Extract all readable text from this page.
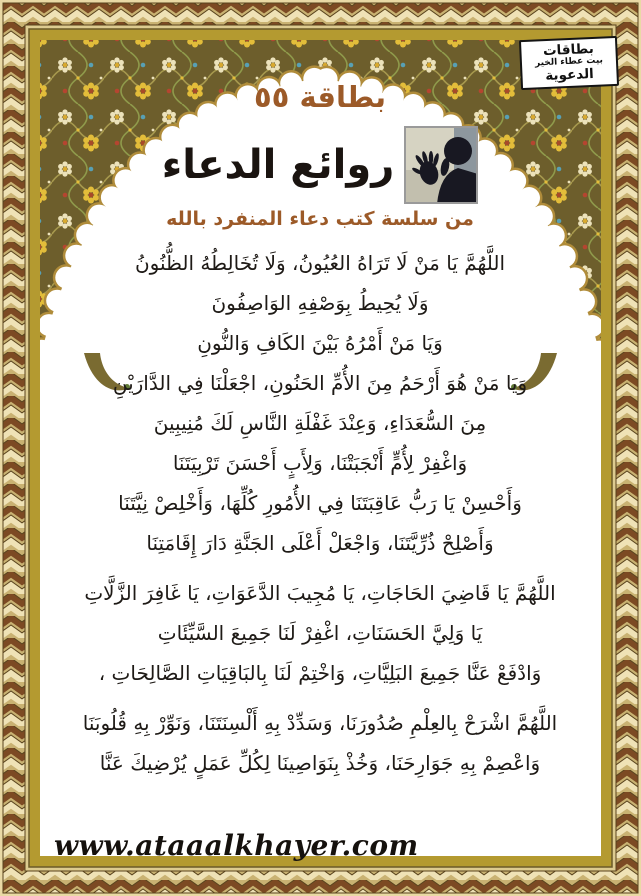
بطاقات
بيت عطاء الخير
الدعوية
بطاقة ٥٥
روائع الدعاء
من سلسة كتب دعاء المنفرد بالله

اللَّهُمَّ يَا مَنْ لَا تَرَاهُ العُيُونُ، وَلَا تُخَالِطُهُ الظُّنُونُ
وَلَا يُحِيطُ بِوَصْفِهِ الوَاصِفُونَ
وَيَا مَنْ أَمْرُهُ بَيْنَ الكَافِ وَالنُّونِ
وَيَا مَنْ هُوَ أَرْحَمُ مِنَ الأُمِّ الحَنُونِ، اجْعَلْنَا فِي الدَّارَيْنِ
مِنَ السُّعَدَاءِ، وَعِنْدَ غَفْلَةِ النَّاسِ لَكَ مُنِيبِينَ
وَاغْفِرْ لِأُمٍّ أَنْجَبَتْنَا، وَلِأَبٍ أَحْسَنَ تَرْبِيَتَنَا
وَأَحْسِنْ يَا رَبُّ عَاقِبَتَنَا فِي الأُمُورِ كُلِّهَا، وَأَخْلِصْ نِيَّتَنَا
وَأَصْلِحْ ذُرِّيَّتَنَا، وَاجْعَلْ أَعْلَى الجَنَّةِ دَارَ إِقَامَتِنَا

اللَّهُمَّ يَا قَاضِيَ الحَاجَاتِ، يَا مُجِيبَ الدَّعَوَاتِ، يَا غَافِرَ الزَّلَّاتِ
يَا وَلِيَّ الحَسَنَاتِ، اغْفِرْ لَنَا جَمِيعَ السَّيِّئَاتِ
وَادْفَعْ عَنَّا جَمِيعَ البَلِيَّاتِ، وَاخْتِمْ لَنَا بِالبَاقِيَاتِ الصَّالِحَاتِ ،

اللَّهُمَّ اشْرَحْ بِالعِلْمِ صُدُورَنَا، وَسَدِّدْ بِهِ أَلْسِنَتَنَا، وَنَوِّرْ بِهِ قُلُوبَنَا
وَاعْصِمْ بِهِ جَوَارِحَنَا، وَخُذْ بِنَوَاصِينَا لِكُلِّ عَمَلٍ يُرْضِيكَ عَنَّا

www.ataaalkhayer.com
